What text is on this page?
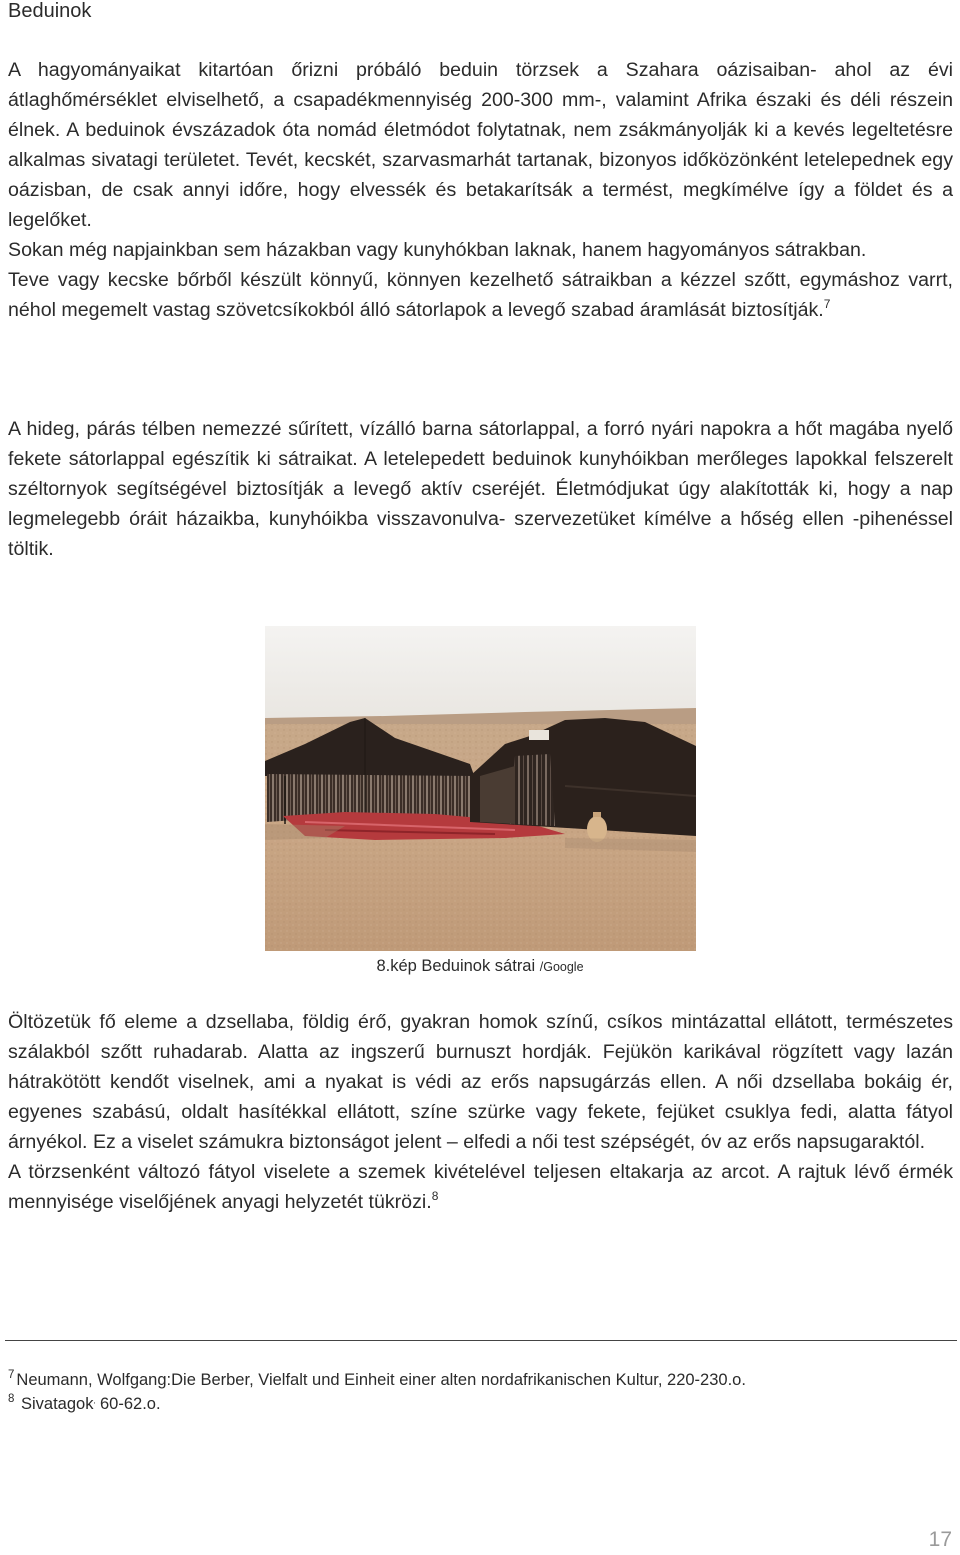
Beduinok

A hagyományaikat kitartóan őrizni próbáló beduin törzsek a Szahara oázisaiban- ahol az évi átlaghőmérséklet elviselhető, a csapadékmennyiség 200-300 mm-, valamint Afrika északi és déli részein élnek. A beduinok évszázadok óta nomád életmódot folytatnak, nem zsákmányolják ki a kevés legeltetésre alkalmas sivatagi területet. Tevét, kecskét, szarvasmarhát tartanak, bizonyos időközönként letelepednek egy oázisban, de csak annyi időre, hogy elvessék és betakarítsák a termést, megkímélve így a földet és a legelőket.

Sokan még napjainkban sem házakban vagy kunyhókban laknak, hanem hagyományos sátrakban.

Teve vagy kecske bőrből készült könnyű, könnyen kezelhető sátraikban a kézzel szőtt, egymáshoz varrt, néhol megemelt vastag szövetcsíkokból álló sátorlapok a levegő szabad áramlását biztosítják.$^7$

A hideg, párás télben nemezzé sűrített, vízálló barna sátorlappal, a forró nyári napokra a hőt magába nyelő fekete sátorlappal egészítik ki sátraikat. A letelepedett beduinok kunyhóikban merőleges lapokkal felszerelt széltornyok segítségével biztosítják a levegő aktív cseréjét. Életmódjukat úgy alakították ki, hogy a nap legmelegebb óráit házaikba, kunyhóikba visszavonulva- szervezetüket kímélve a hőség ellen -pihenéssel töltik.

8.kép Beduinok sátrai /Google

Öltözetük fő eleme a dzsellaba, földig érő, gyakran homok színű, csíkos mintázattal ellátott, természetes szálakból szőtt ruhadarab. Alatta az ingszerű burnuszt hordják. Fejükön karikával rögzített vagy lazán hátrakötött kendőt viselnek, ami a nyakat is védi az erős napsugárzás ellen. A női dzsellaba bokáig ér, egyenes szabású, oldalt hasítékkal ellátott, színe szürke vagy fekete, fejüket csuklya fedi, alatta fátyol árnyékol. Ez a viselet számukra biztonságot jelent – elfedi a női test szépségét, óv az erős napsugaraktól.

A törzsenként változó fátyol viselete a szemek kivételével teljesen eltakarja az arcot. A rajtuk lévő érmék mennyisége viselőjének anyagi helyzetét tükrözi.$^8$

$^7$ Neumann, Wolfgang:Die Berber, Vielfalt und Einheit einer alten nordafrikanischen Kultur, 220-230.o.
$^8$ Sivatagok, 60-62.o.
17
